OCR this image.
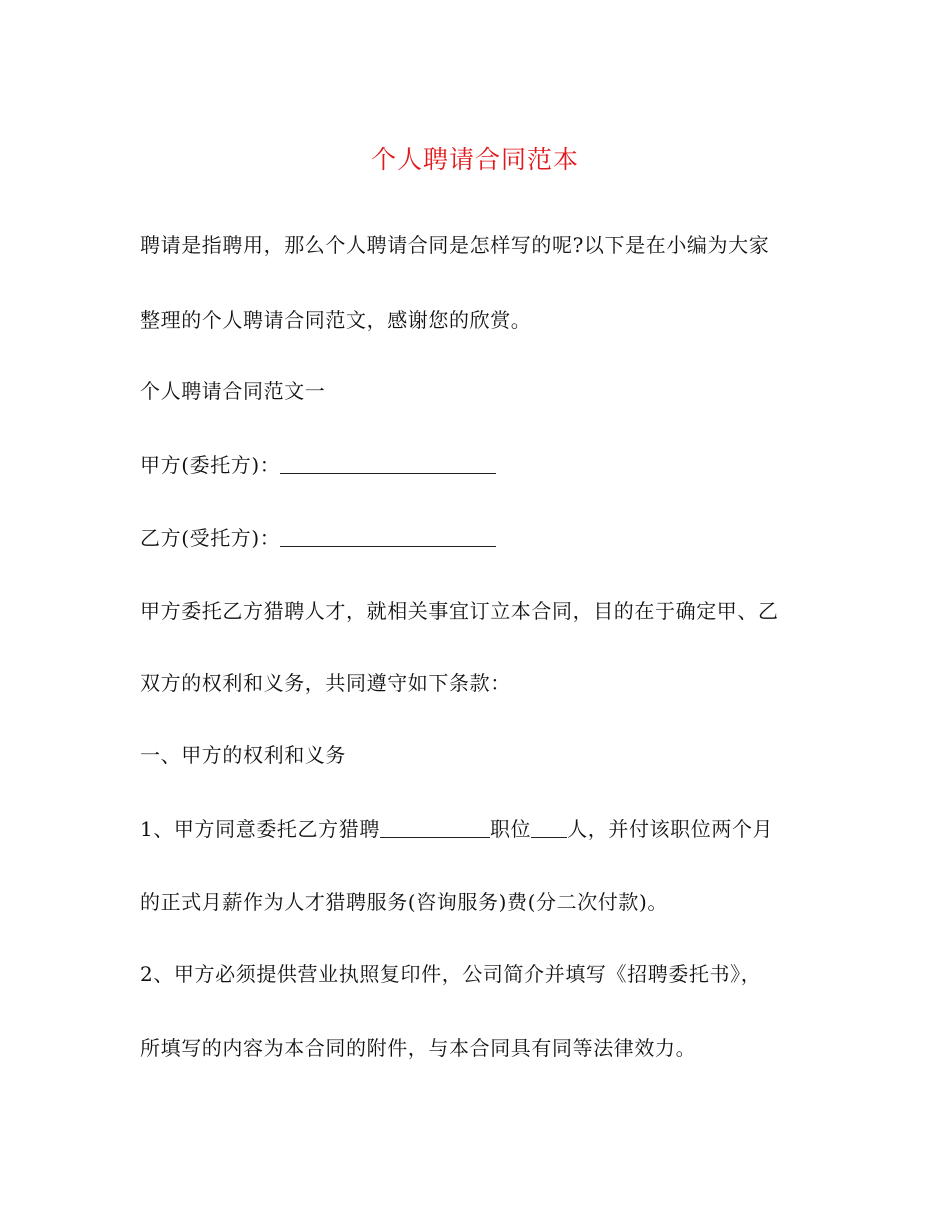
个人聘请合同范本
聘请是指聘用，那么个人聘请合同是怎样写的呢?以下是在小编为大家
整理的个人聘请合同范文，感谢您的欣赏。
个人聘请合同范文一
甲方(委托方)：
乙方(受托方)：
甲方委托乙方猎聘人才，就相关事宜订立本合同，目的在于确定甲、乙
双方的权利和义务，共同遵守如下条款：
一、甲方的权利和义务
1、甲方同意委托乙方猎聘	职位 人，并付该职位两个月
的正式月薪作为人才猎聘服务(咨询服务)费(分二次付款)。
2、甲方必须提供营业执照复印件，公司简介并填写《招聘委托书》，
所填写的内容为本合同的附件，与本合同具有同等法律效力。
